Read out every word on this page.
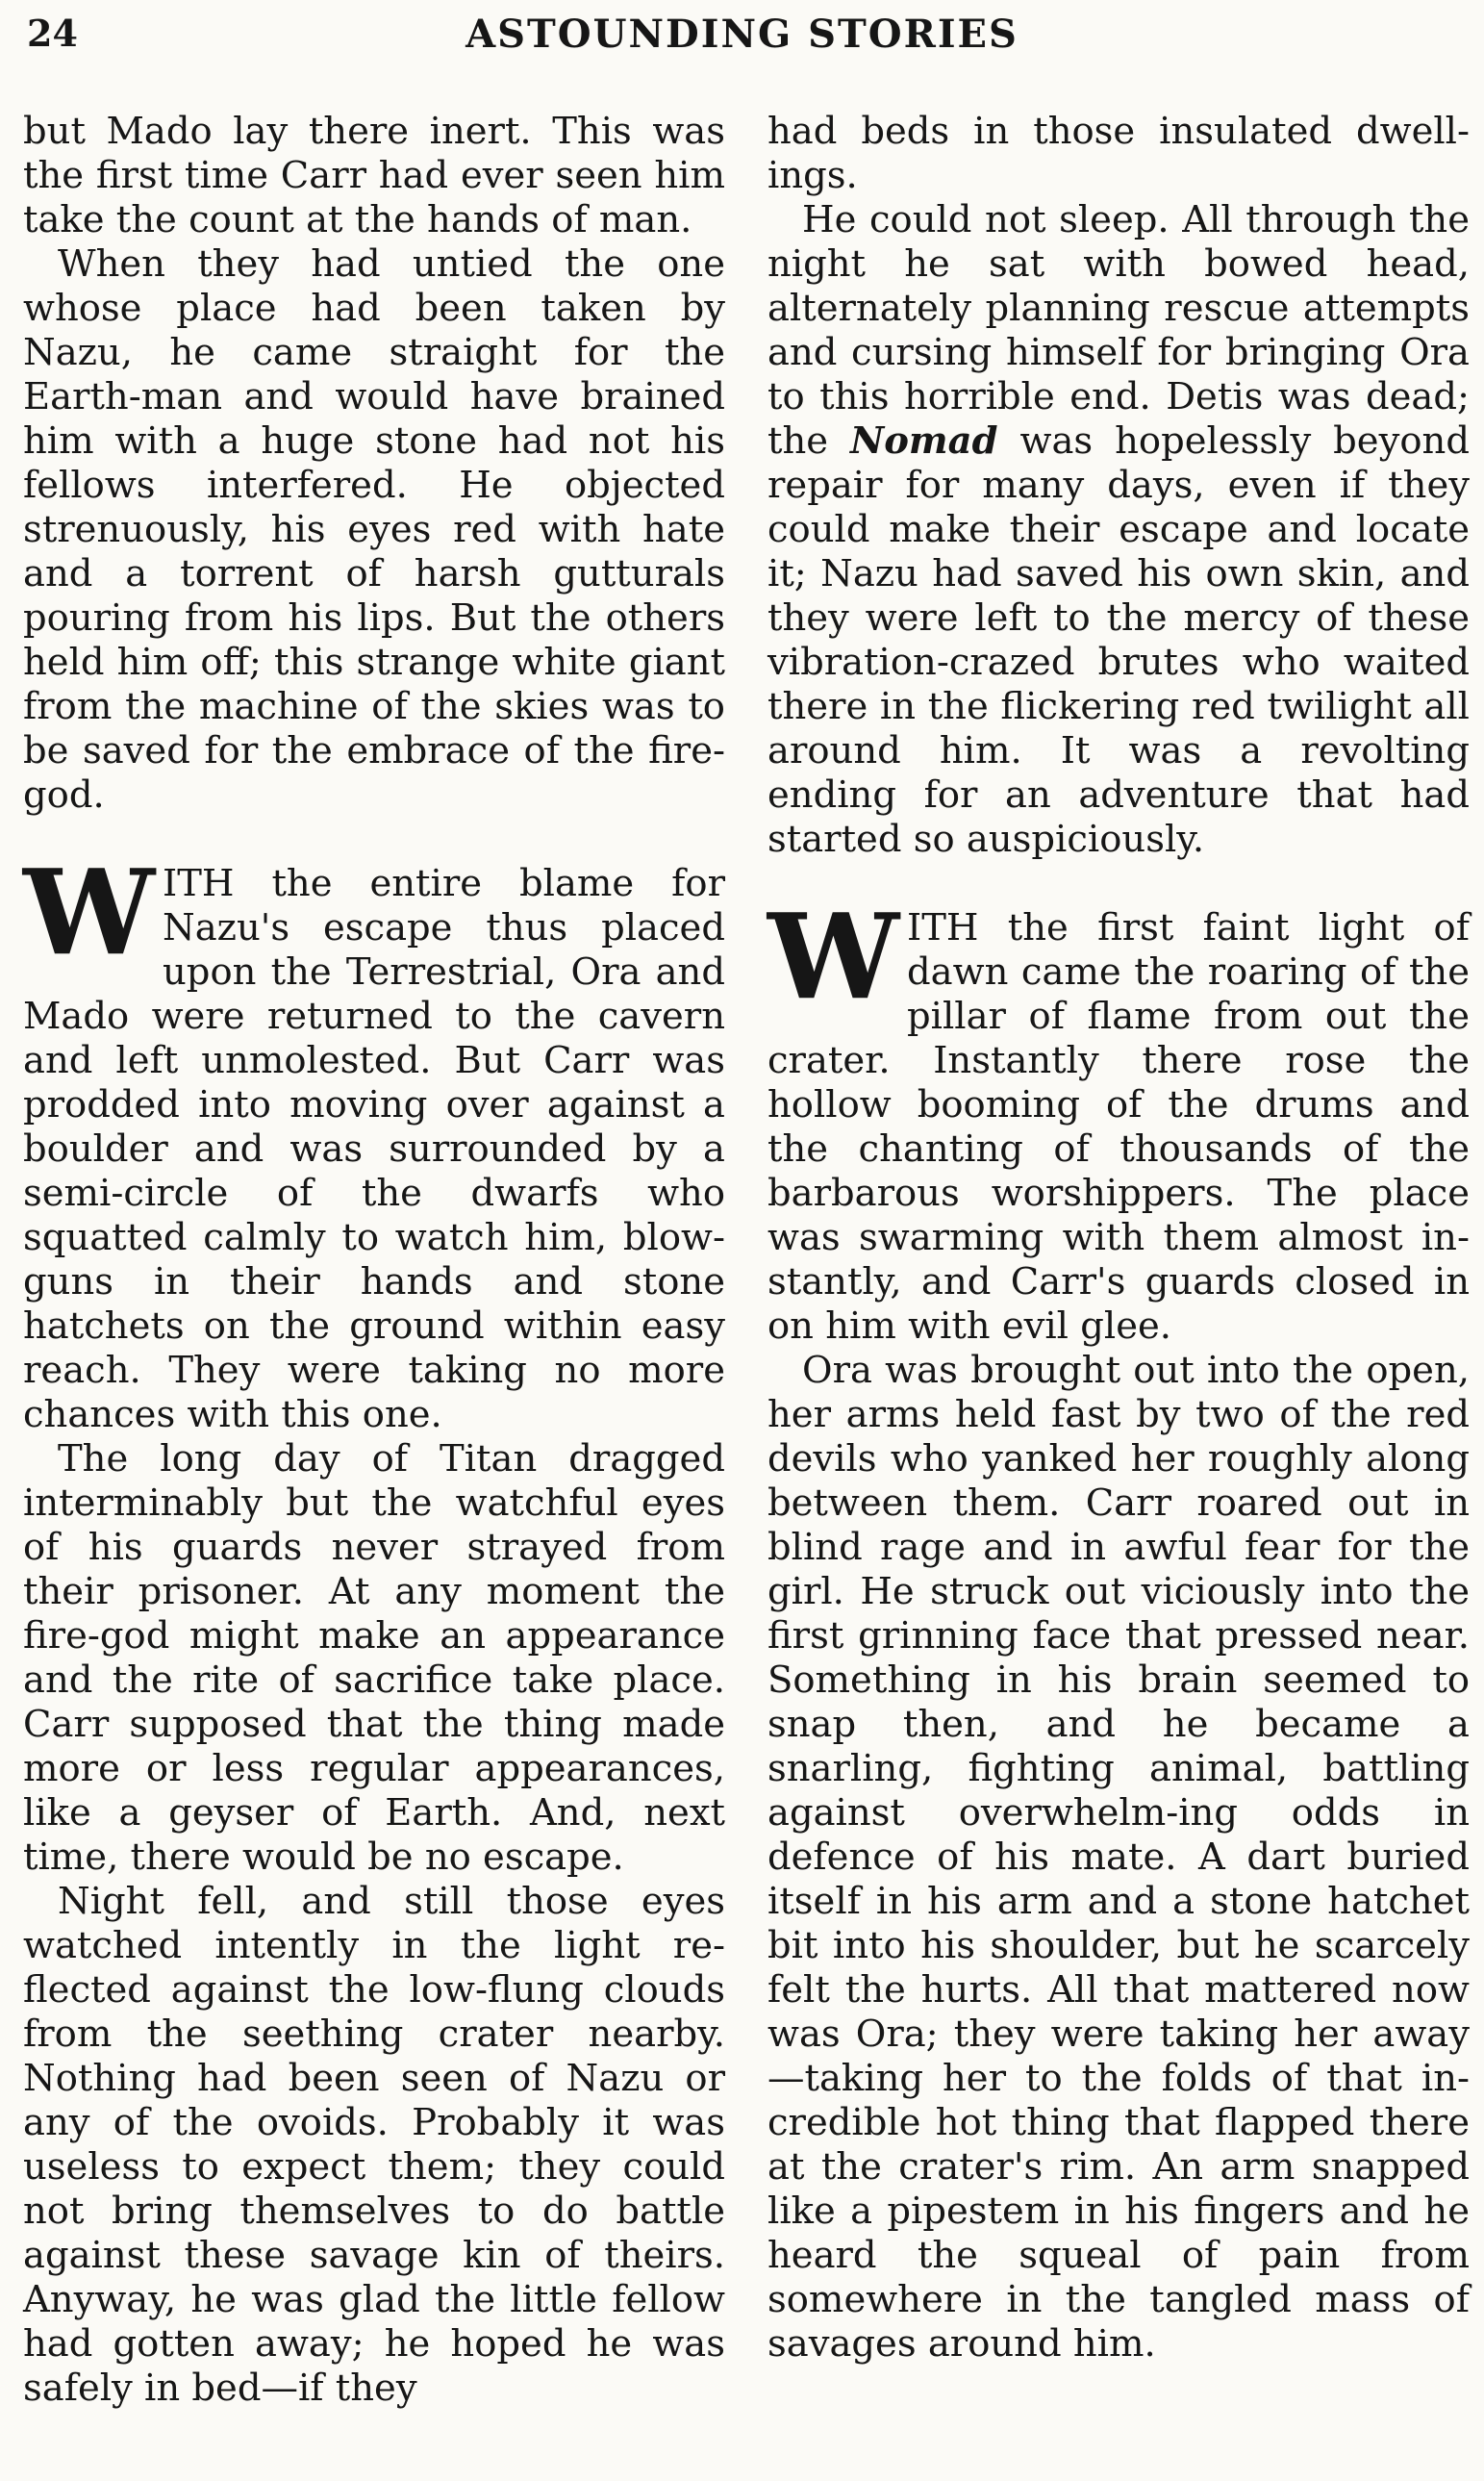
24	ASTOUNDING STORIES

but Mado lay there inert. This was the first time Carr had ever seen him take the count at the hands of man.

When they had untied the one whose place had been taken by Nazu, he came straight for the Earth-man and would have brained him with a huge stone had not his fellows interfered. He objected strenuously, his eyes red with hate and a torrent of harsh gutturals pouring from his lips. But the others held him off; this strange white giant from the machine of the skies was to be saved for the embrace of the fire-god.

WITH the entire blame for Nazu's escape thus placed upon the Terrestrial, Ora and Mado were returned to the cavern and left unmolested. But Carr was prodded into moving over against a boulder and was surrounded by a semi-circle of the dwarfs who squatted calmly to watch him, blow-guns in their hands and stone hatchets on the ground within easy reach. They were taking no more chances with this one.

The long day of Titan dragged interminably but the watchful eyes of his guards never strayed from their prisoner. At any moment the fire-god might make an appearance and the rite of sacrifice take place. Carr supposed that the thing made more or less regular appearances, like a geyser of Earth. And, next time, there would be no escape.

Night fell, and still those eyes watched intently in the light re-flected against the low-flung clouds from the seething crater nearby. Nothing had been seen of Nazu or any of the ovoids. Probably it was useless to expect them; they could not bring themselves to do battle against these savage kin of theirs. Anyway, he was glad the little fellow had gotten away; he hoped he was safely in bed—if they

had beds in those insulated dwell-ings.

He could not sleep. All through the night he sat with bowed head, alternately planning rescue attempts and cursing himself for bringing Ora to this horrible end. Detis was dead; the Nomad was hopelessly beyond repair for many days, even if they could make their escape and locate it; Nazu had saved his own skin, and they were left to the mercy of these vibration-crazed brutes who waited there in the flickering red twilight all around him. It was a revolting ending for an adventure that had started so auspiciously.

WITH the first faint light of dawn came the roaring of the pillar of flame from out the crater. Instantly there rose the hollow booming of the drums and the chanting of thousands of the barbarous worshippers. The place was swarming with them almost in-stantly, and Carr's guards closed in on him with evil glee.

Ora was brought out into the open, her arms held fast by two of the red devils who yanked her roughly along between them. Carr roared out in blind rage and in awful fear for the girl. He struck out viciously into the first grinning face that pressed near. Something in his brain seemed to snap then, and he became a snarling, fighting animal, battling against overwhelm-ing odds in defence of his mate. A dart buried itself in his arm and a stone hatchet bit into his shoulder, but he scarcely felt the hurts. All that mattered now was Ora; they were taking her away—taking her to the folds of that in-credible hot thing that flapped there at the crater's rim. An arm snapped like a pipestem in his fingers and he heard the squeal of pain from somewhere in the tangled mass of savages around him.
